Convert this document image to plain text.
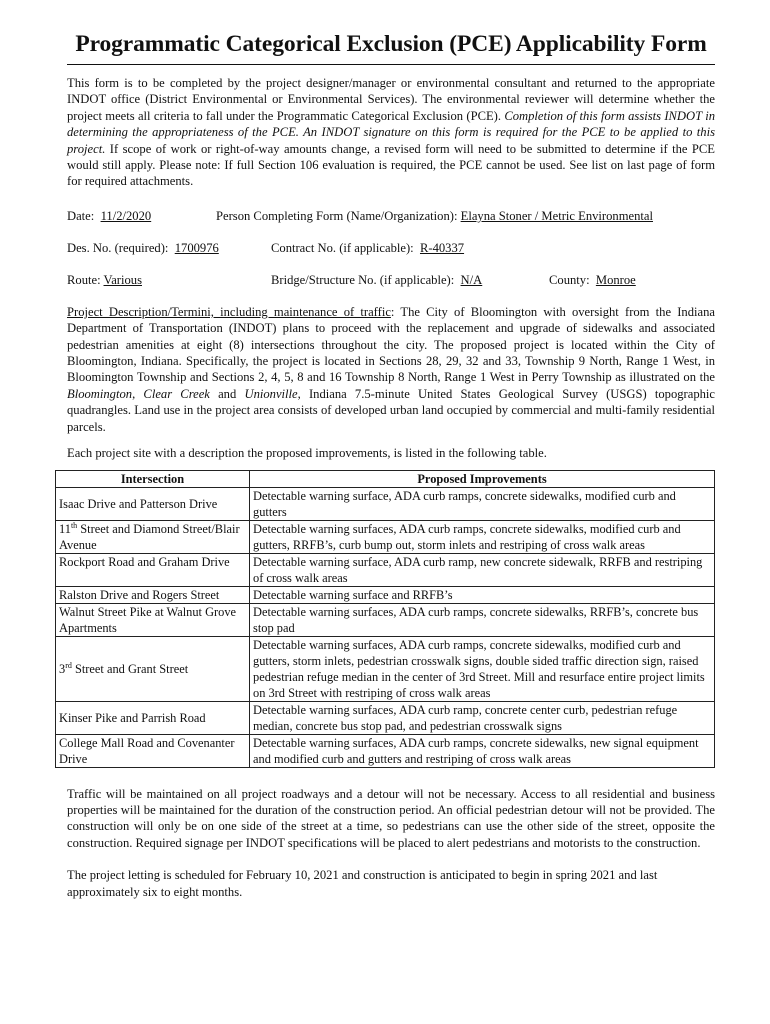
Programmatic Categorical Exclusion (PCE) Applicability Form

This form is to be completed by the project designer/manager or environmental consultant and returned to the appropriate INDOT office (District Environmental or Environmental Services). The environmental reviewer will determine whether the project meets all criteria to fall under the Programmatic Categorical Exclusion (PCE). Completion of this form assists INDOT in determining the appropriateness of the PCE. An INDOT signature on this form is required for the PCE to be applied to this project. If scope of work or right-of-way amounts change, a revised form will need to be submitted to determine if the PCE would still apply. Please note: If full Section 106 evaluation is required, the PCE cannot be used. See list on last page of form for required attachments.

Date: 11/2/2020	Person Completing Form (Name/Organization): Elayna Stoner / Metric Environmental
Des. No. (required): 1700976	Contract No. (if applicable): R-40337
Route: Various	Bridge/Structure No. (if applicable): N/A	County: Monroe

Project Description/Termini, including maintenance of traffic: The City of Bloomington with oversight from the Indiana Department of Transportation (INDOT) plans to proceed with the replacement and upgrade of sidewalks and associated pedestrian amenities at eight (8) intersections throughout the city. The proposed project is located within the City of Bloomington, Indiana. Specifically, the project is located in Sections 28, 29, 32 and 33, Township 9 North, Range 1 West, in Bloomington Township and Sections 2, 4, 5, 8 and 16 Township 8 North, Range 1 West in Perry Township as illustrated on the Bloomington, Clear Creek and Unionville, Indiana 7.5-minute United States Geological Survey (USGS) topographic quadrangles. Land use in the project area consists of developed urban land occupied by commercial and multi-family residential parcels.

Each project site with a description the proposed improvements, is listed in the following table.

Intersection	Proposed Improvements
Isaac Drive and Patterson Drive	Detectable warning surface, ADA curb ramps, concrete sidewalks, modified curb and gutters
11th Street and Diamond Street/Blair Avenue	Detectable warning surfaces, ADA curb ramps, concrete sidewalks, modified curb and gutters, RRFB’s, curb bump out, storm inlets and restriping of cross walk areas
Rockport Road and Graham Drive	Detectable warning surface, ADA curb ramp, new concrete sidewalk, RRFB and restriping of cross walk areas
Ralston Drive and Rogers Street	Detectable warning surface and RRFB’s
Walnut Street Pike at Walnut Grove Apartments	Detectable warning surfaces, ADA curb ramps, concrete sidewalks, RRFB’s, concrete bus stop pad
3rd Street and Grant Street	Detectable warning surfaces, ADA curb ramps, concrete sidewalks, modified curb and gutters, storm inlets, pedestrian crosswalk signs, double sided traffic direction sign, raised pedestrian refuge median in the center of 3rd Street. Mill and resurface entire project limits on 3rd Street with restriping of cross walk areas
Kinser Pike and Parrish Road	Detectable warning surfaces, ADA curb ramp, concrete center curb, pedestrian refuge median, concrete bus stop pad, and pedestrian crosswalk signs
College Mall Road and Covenanter Drive	Detectable warning surfaces, ADA curb ramps, concrete sidewalks, new signal equipment and modified curb and gutters and restriping of cross walk areas

Traffic will be maintained on all project roadways and a detour will not be necessary. Access to all residential and business properties will be maintained for the duration of the construction period. An official pedestrian detour will not be provided. The construction will only be on one side of the street at a time, so pedestrians can use the other side of the street, opposite the construction. Required signage per INDOT specifications will be placed to alert pedestrians and motorists to the construction.

The project letting is scheduled for February 10, 2021 and construction is anticipated to begin in spring 2021 and last approximately six to eight months.
